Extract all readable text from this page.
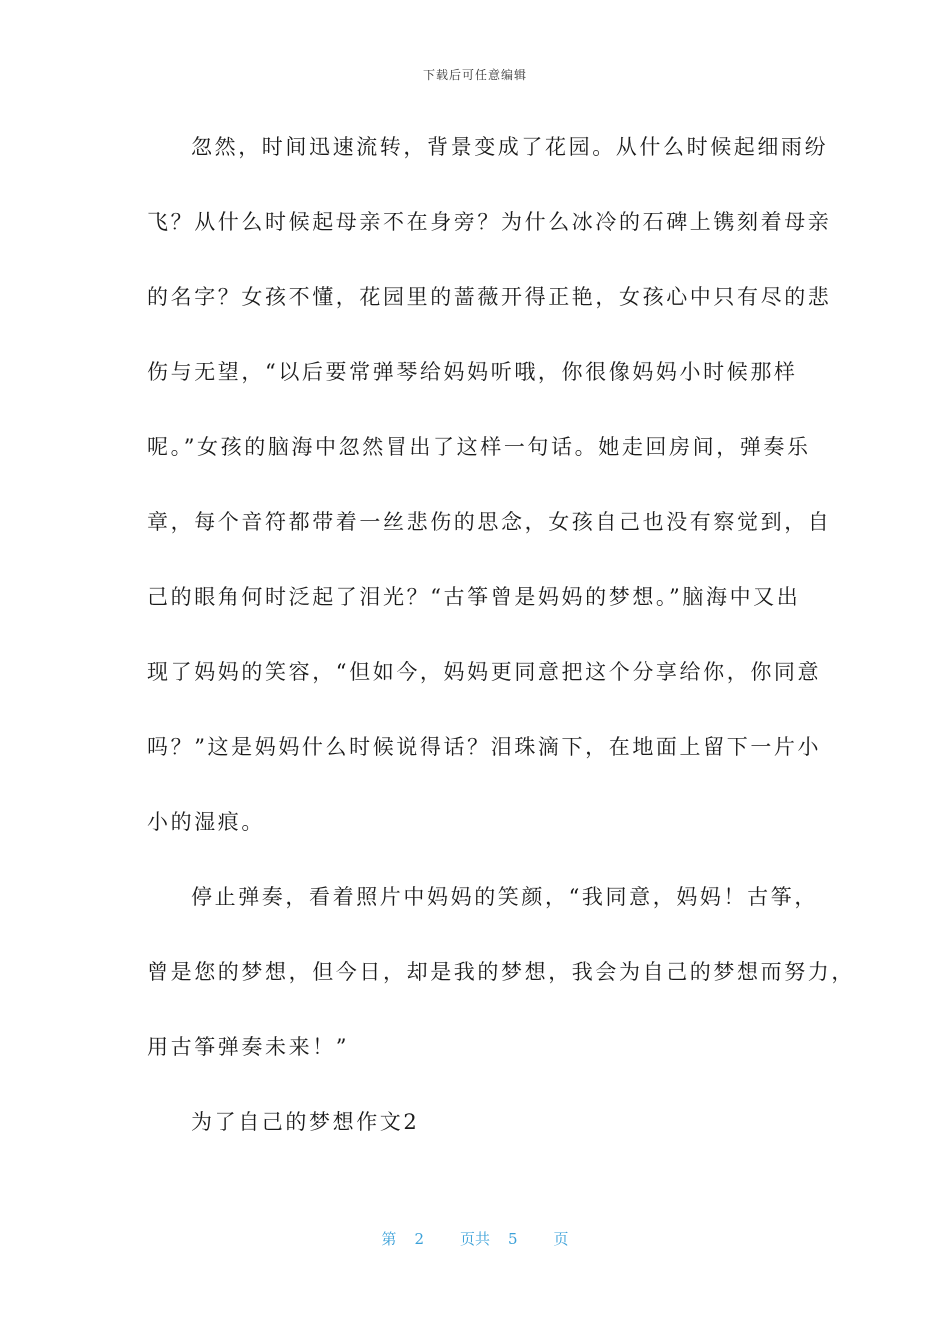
下载后可任意编辑
忽然，时间迅速流转，背景变成了花园。从什么时候起细雨纷
飞？从什么时候起母亲不在身旁？为什么冰冷的石碑上镌刻着母亲
的名字？女孩不懂，花园里的蔷薇开得正艳，女孩心中只有尽的悲
伤与无望，“以后要常弹琴给妈妈听哦，你很像妈妈小时候那样
呢。”女孩的脑海中忽然冒出了这样一句话。她走回房间，弹奏乐
章，每个音符都带着一丝悲伤的思念，女孩自己也没有察觉到，自
己的眼角何时泛起了泪光？“古筝曾是妈妈的梦想。”脑海中又出
现了妈妈的笑容，“但如今，妈妈更同意把这个分享给你，你同意
吗？”这是妈妈什么时候说得话？泪珠滴下，在地面上留下一片小
小的湿痕。
停止弹奏，看着照片中妈妈的笑颜，“我同意，妈妈！古筝，
曾是您的梦想，但今日，却是我的梦想，我会为自己的梦想而努力，
用古筝弹奏未来！”
为了自己的梦想作文2
第 2 页共 5 页
